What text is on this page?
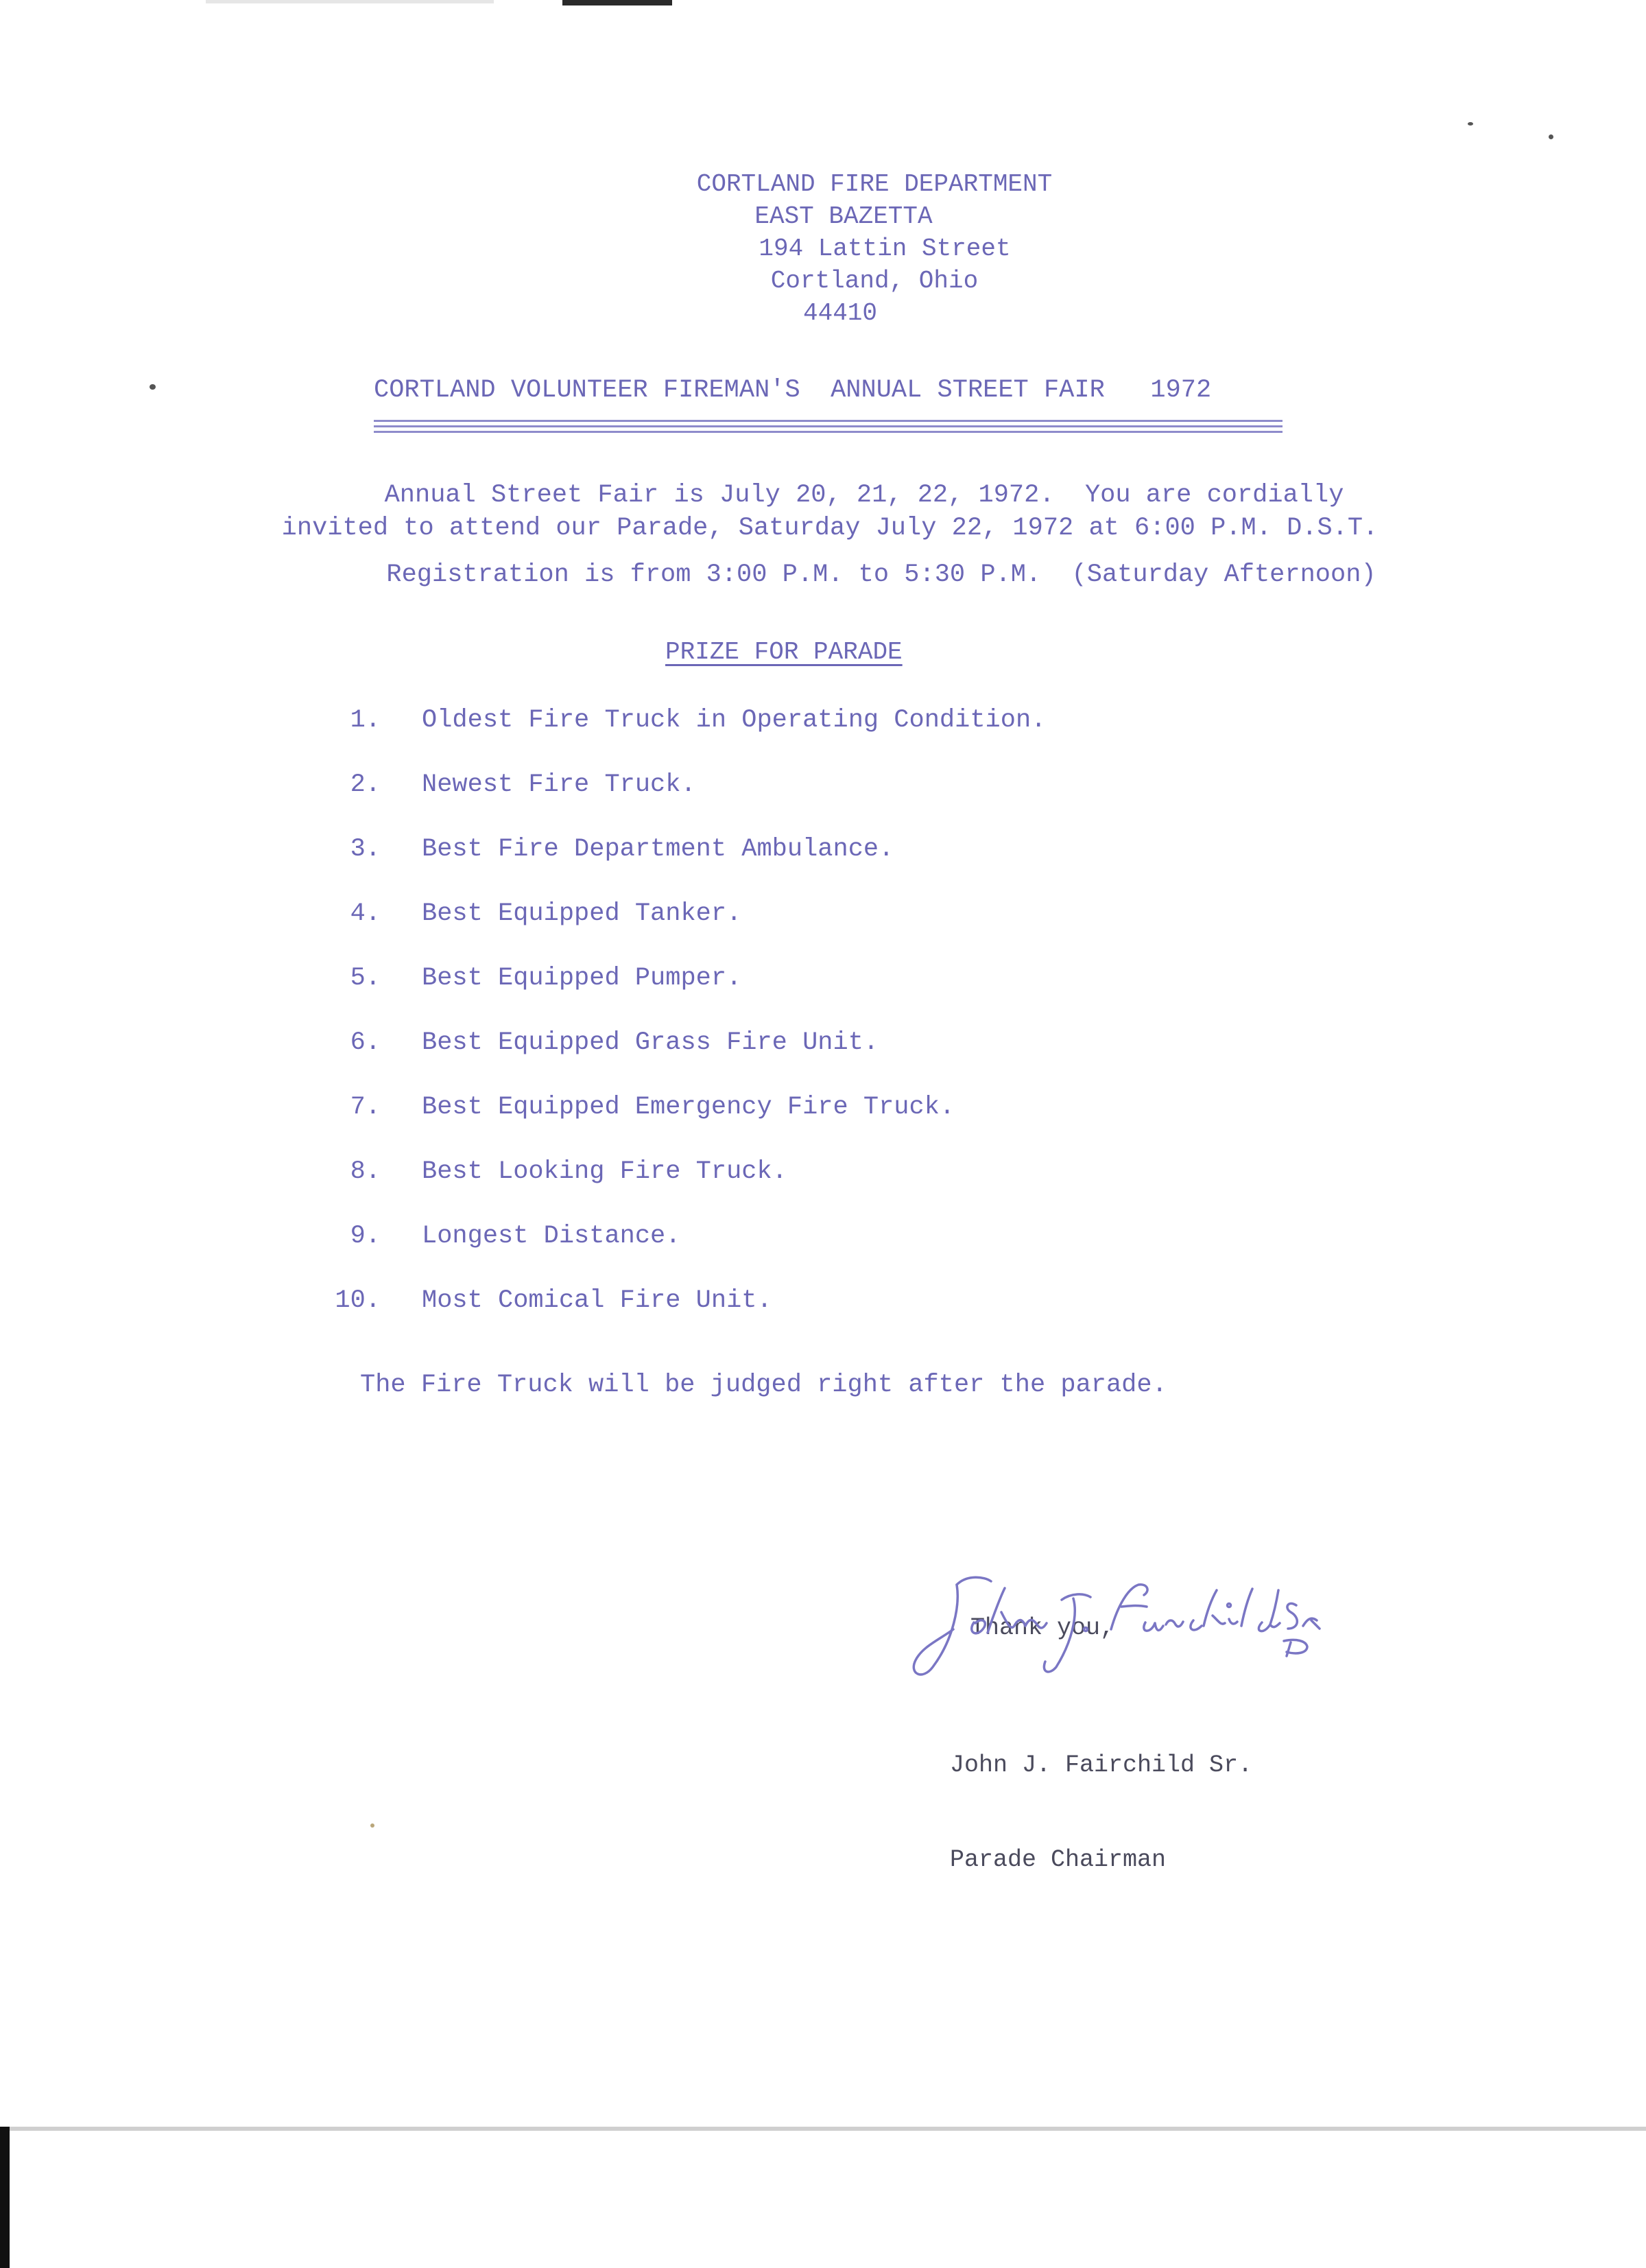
CORTLAND FIRE DEPARTMENT
EAST BAZETTA
194 Lattin Street
Cortland, Ohio
44410
CORTLAND VOLUNTEER FIREMAN'S  ANNUAL STREET FAIR   1972
Annual Street Fair is July 20, 21, 22, 1972.  You are cordially
invited to attend our Parade, Saturday July 22, 1972 at 6:00 P.M. D.S.T.
Registration is from 3:00 P.M. to 5:30 P.M.  (Saturday Afternoon)
PRIZE FOR PARADE
1. Oldest Fire Truck in Operating Condition.
2. Newest Fire Truck.
3. Best Fire Department Ambulance.
4. Best Equipped Tanker.
5. Best Equipped Pumper.
6. Best Equipped Grass Fire Unit.
7. Best Equipped Emergency Fire Truck.
8. Best Looking Fire Truck.
9. Longest Distance.
10. Most Comical Fire Unit.
The Fire Truck will be judged right after the parade.

Thank you,

John J. Fairchild Sr.

Parade Chairman
